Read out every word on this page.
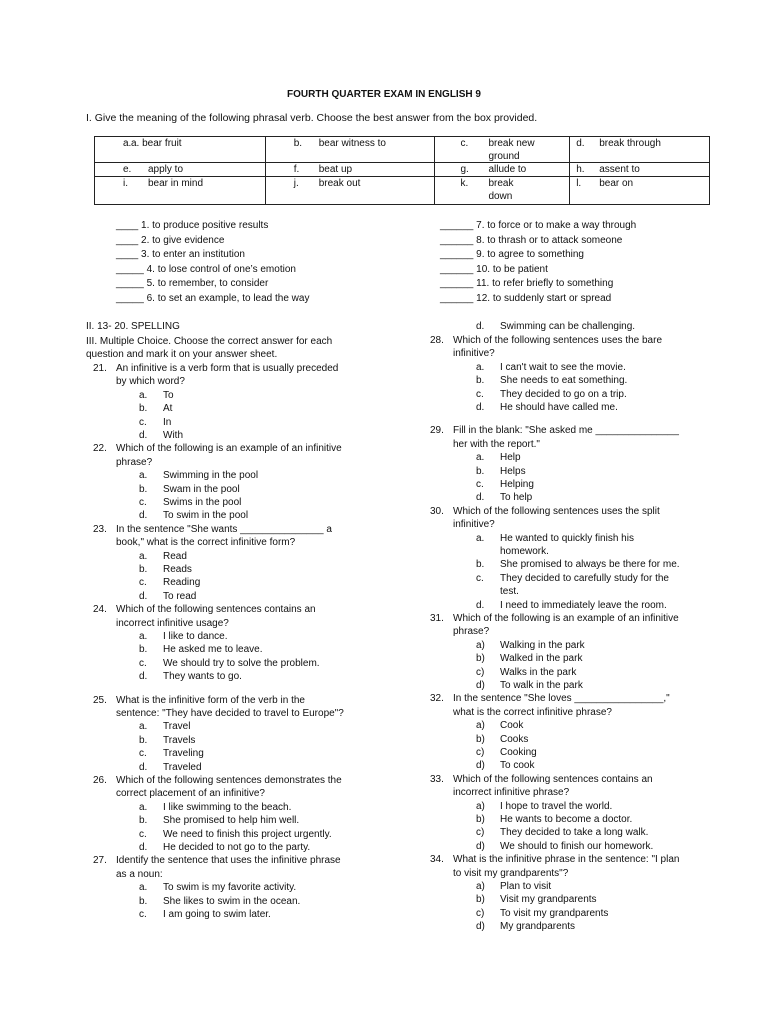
FOURTH QUARTER EXAM IN ENGLISH 9
I. Give the meaning of the following phrasal verb. Choose the best answer from the box provided.
a. a. bear fruit	b. bear witness to	c. break new ground	d. break through

e. apply to	f. beat up	g. allude to	h. assent to

i. bear in mind	j. break out	k. break down	l. bear on
____ 1. to produce positive results
____ 2. to give evidence
____ 3. to enter an institution
_____ 4. to lose control of one’s emotion
_____ 5. to remember, to consider
_____ 6. to set an example, to lead the way
______ 7. to force or to make a way through
______ 8. to thrash or to attack someone
______ 9. to agree to something
______ 10. to be patient
______ 11. to refer briefly to something
______ 12. to suddenly start or spread
II. 13- 20. SPELLING
III. Multiple Choice. Choose the correct answer for each
question and mark it on your answer sheet.
21. An infinitive is a verb form that is usually preceded
by which word?
a. To
b. At
c. In
d. With
22. Which of the following is an example of an infinitive
phrase?
a. Swimming in the pool
b. Swam in the pool
c. Swims in the pool
d. To swim in the pool
23. In the sentence "She wants _______________ a
book," what is the correct infinitive form?
a. Read
b. Reads
c. Reading
d. To read
24. Which of the following sentences contains an
incorrect infinitive usage?
a. I like to dance.
b. He asked me to leave.
c. We should try to solve the problem.
d. They wants to go.
25. What is the infinitive form of the verb in the
sentence: "They have decided to travel to Europe"?
a. Travel
b. Travels
c. Traveling
d. Traveled
26. Which of the following sentences demonstrates the
correct placement of an infinitive?
a. I like swimming to the beach.
b. She promised to help him well.
c. We need to finish this project urgently.
d. He decided to not go to the party.
27. Identify the sentence that uses the infinitive phrase
as a noun:
a. To swim is my favorite activity.
b. She likes to swim in the ocean.
c. I am going to swim later.
d. Swimming can be challenging.
28. Which of the following sentences uses the bare
infinitive?
a. I can't wait to see the movie.
b. She needs to eat something.
c. They decided to go on a trip.
d. He should have called me.
29. Fill in the blank: "She asked me _______________
her with the report."
a. Help
b. Helps
c. Helping
d. To help
30. Which of the following sentences uses the split
infinitive?
a. He wanted to quickly finish his
homework.
b. She promised to always be there for me.
c. They decided to carefully study for the
test.
d. I need to immediately leave the room.
31. Which of the following is an example of an infinitive
phrase?
a) Walking in the park
b) Walked in the park
c) Walks in the park
d) To walk in the park
32. In the sentence "She loves ________________,"
what is the correct infinitive phrase?
a) Cook
b) Cooks
c) Cooking
d) To cook
33. Which of the following sentences contains an
incorrect infinitive phrase?
a) I hope to travel the world.
b) He wants to become a doctor.
c) They decided to take a long walk.
d) We should to finish our homework.
34. What is the infinitive phrase in the sentence: "I plan
to visit my grandparents"?
a) Plan to visit
b) Visit my grandparents
c) To visit my grandparents
d) My grandparents
